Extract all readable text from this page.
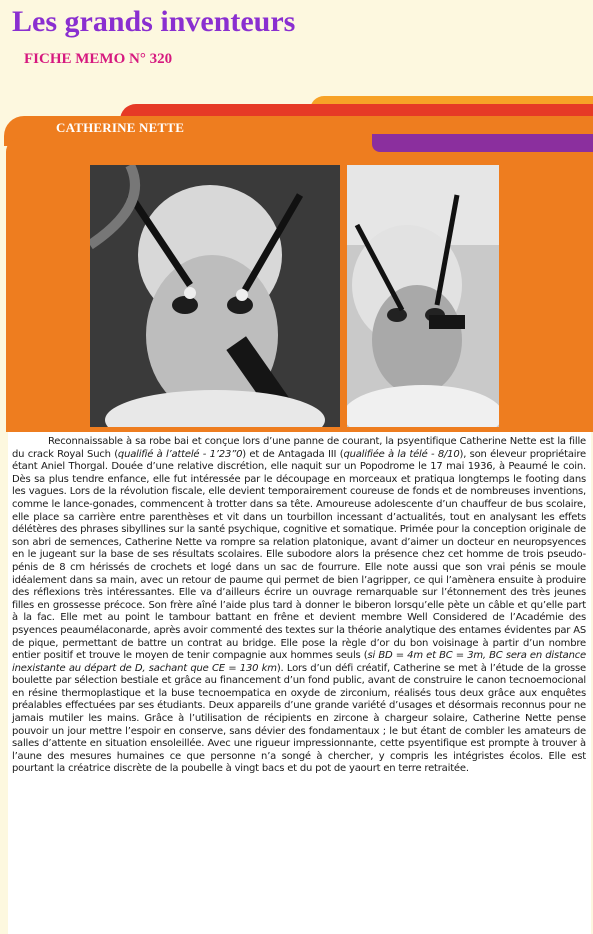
Les grands inventeurs
FICHE MEMO N° 320
CATHERINE NETTE

Reconnaissable à sa robe bai et conçue lors d’une panne de courant, la psyentifique Catherine Nette est la fille du crack Royal Such (qualifié à l’attelé - 1’23”0) et de Antagada III (qualifiée à la télé - 8/10), son éleveur propriétaire étant Aniel Thorgal. Douée d’une relative discrétion, elle naquit sur un Popodrome le 17 mai 1936, à Peaumé le coin. Dès sa plus tendre enfance, elle fut intéressée par le découpage en morceaux et pratiqua longtemps le footing dans les vagues. Lors de la révolution fiscale, elle devient temporairement coureuse de fonds et de nombreuses inventions, comme le lance-gonades, commencent à trotter dans sa tête. Amoureuse adolescente d’un chauffeur de bus scolaire, elle place sa carrière entre parenthèses et vit dans un tourbillon incessant d’actualités, tout en analysant les effets délétères des phrases sibyllines sur la santé psychique, cognitive et somatique. Primée pour la conception originale de son abri de semences, Catherine Nette va rompre sa relation platonique, avant d’aimer un docteur en neuropsyences en le jugeant sur la base de ses résultats scolaires. Elle subodore alors la présence chez cet homme de trois pseudo-pénis de 8 cm hérissés de crochets et logé dans un sac de fourrure. Elle note aussi que son vrai pénis se moule idéalement dans sa main, avec un retour de paume qui permet de bien l’agripper, ce qui l’amènera ensuite à produire des réflexions très intéressantes. Elle va d’ailleurs écrire un ouvrage remarquable sur l’étonnement des très jeunes filles en grossesse précoce. Son frère aîné l’aide plus tard à donner le biberon lorsqu’elle pète un câble et qu’elle part à la fac. Elle met au point le tambour battant en frêne et devient membre Well Considered de l’Académie des psyences peaumélaconarde, après avoir commenté des textes sur la théorie analytique des entames évidentes par AS de pique, permettant de battre un contrat au bridge. Elle pose la règle d’or du bon voisinage à partir d’un nombre entier positif et trouve le moyen de tenir compagnie aux hommes seuls (si BD = 4m et BC = 3m, BC sera en distance inexistante au départ de D, sachant que CE = 130 km). Lors d’un défi créatif, Catherine se met à l’étude de la grosse boulette par sélection bestiale et grâce au financement d’un fond public, avant de construire le canon tecnoemocional en résine thermoplastique et la buse tecnoempatica en oxyde de zirconium, réalisés tous deux grâce aux enquêtes préalables effectuées par ses étudiants. Deux appareils d’une grande variété d’usages et désormais reconnus pour ne jamais mutiler les mains. Grâce à l’utilisation de récipients en zircone à chargeur solaire, Catherine Nette pense pouvoir un jour mettre l’espoir en conserve, sans dévier des fondamentaux ; le but étant de combler les amateurs de salles d’attente en situation ensoleillée. Avec une rigueur impressionnante, cette psyentifique est prompte à trouver à l’aune des mesures humaines ce que personne n’a songé à chercher, y compris les intégristes écolos. Elle est pourtant la créatrice discrète de la poubelle à vingt bacs et du pot de yaourt en terre retraitée.
